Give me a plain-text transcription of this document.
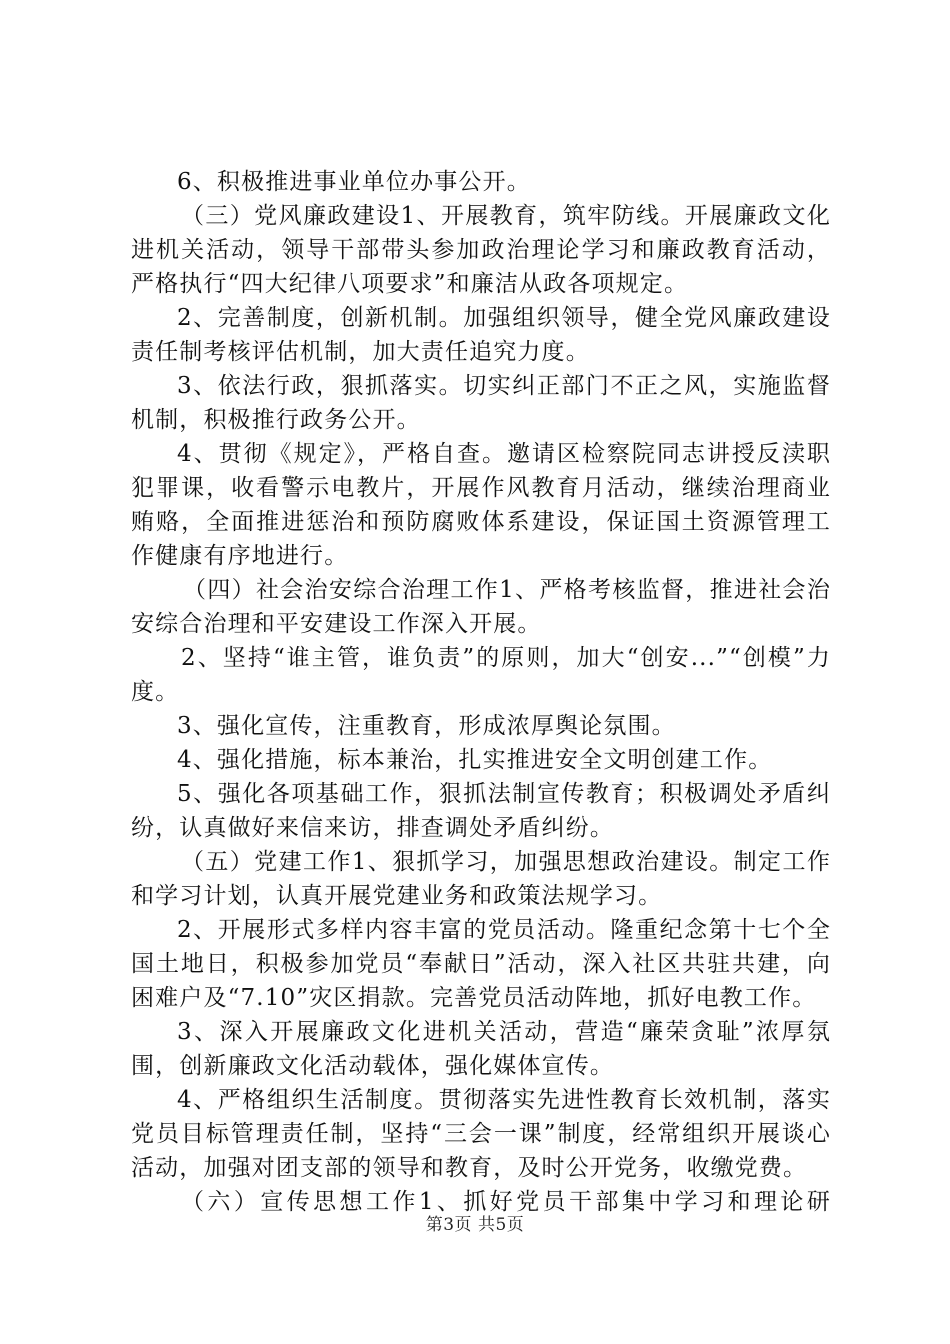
6、积极推进事业单位办事公开。

（三）党风廉政建设1、开展教育，筑牢防线。开展廉政文化进机关活动，领导干部带头参加政治理论学习和廉政教育活动，严格执行“四大纪律八项要求”和廉洁从政各项规定。

2、完善制度，创新机制。加强组织领导，健全党风廉政建设责任制考核评估机制，加大责任追究力度。

3、依法行政，狠抓落实。切实纠正部门不正之风，实施监督机制，积极推行政务公开。

4、贯彻《规定》，严格自查。邀请区检察院同志讲授反渎职犯罪课，收看警示电教片，开展作风教育月活动，继续治理商业贿赂，全面推进惩治和预防腐败体系建设，保证国土资源管理工作健康有序地进行。

（四）社会治安综合治理工作1、严格考核监督，推进社会治安综合治理和平安建设工作深入开展。

2、坚持“谁主管，谁负责”的原则，加大“创安...”“创模”力度。

3、强化宣传，注重教育，形成浓厚舆论氛围。

4、强化措施，标本兼治，扎实推进安全文明创建工作。

5、强化各项基础工作，狠抓法制宣传教育；积极调处矛盾纠纷，认真做好来信来访，排查调处矛盾纠纷。

（五）党建工作1、狠抓学习，加强思想政治建设。制定工作和学习计划，认真开展党建业务和政策法规学习。

2、开展形式多样内容丰富的党员活动。隆重纪念第十七个全国土地日，积极参加党员“奉献日”活动，深入社区共驻共建，向困难户及“7.10”灾区捐款。完善党员活动阵地，抓好电教工作。

3、深入开展廉政文化进机关活动，营造“廉荣贪耻”浓厚氛围，创新廉政文化活动载体，强化媒体宣传。

4、严格组织生活制度。贯彻落实先进性教育长效机制，落实党员目标管理责任制，坚持“三会一课”制度，经常组织开展谈心活动，加强对团支部的领导和教育，及时公开党务，收缴党费。

（六）宣传思想工作1、抓好党员干部集中学习和理论研

第3页 共5页
